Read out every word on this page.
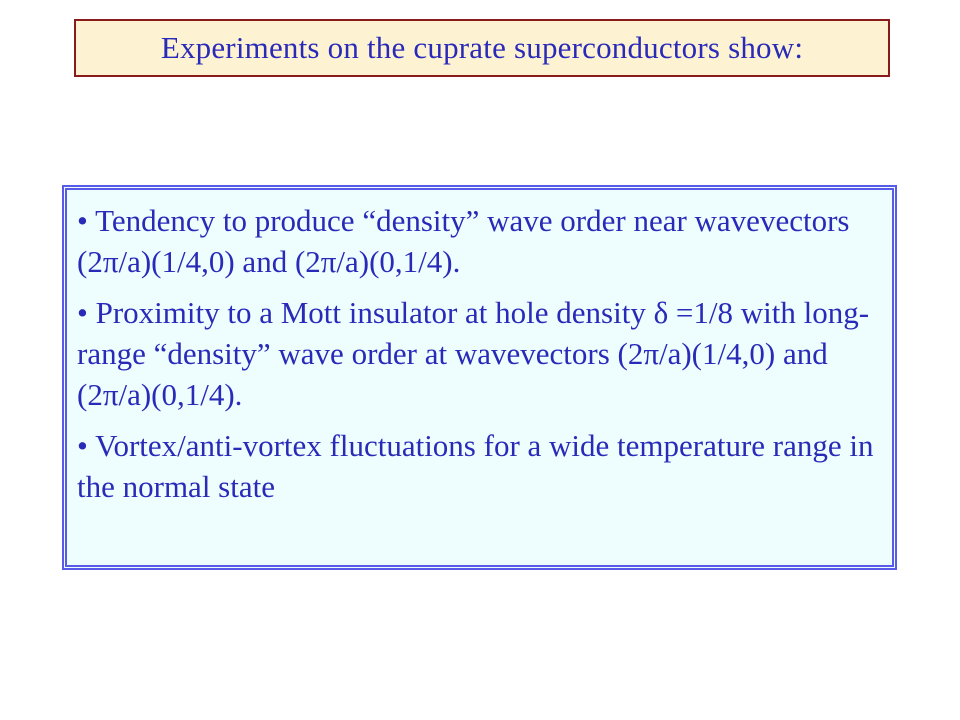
Experiments on the cuprate superconductors show:

• Tendency to produce “density” wave order near wavevectors (2π/a)(1/4,0) and (2π/a)(0,1/4).

• Proximity to a Mott insulator at hole density δ =1/8 with long-range “density” wave order at wavevectors (2π/a)(1/4,0) and (2π/a)(0,1/4).

• Vortex/anti-vortex fluctuations for a wide temperature range in the normal state
